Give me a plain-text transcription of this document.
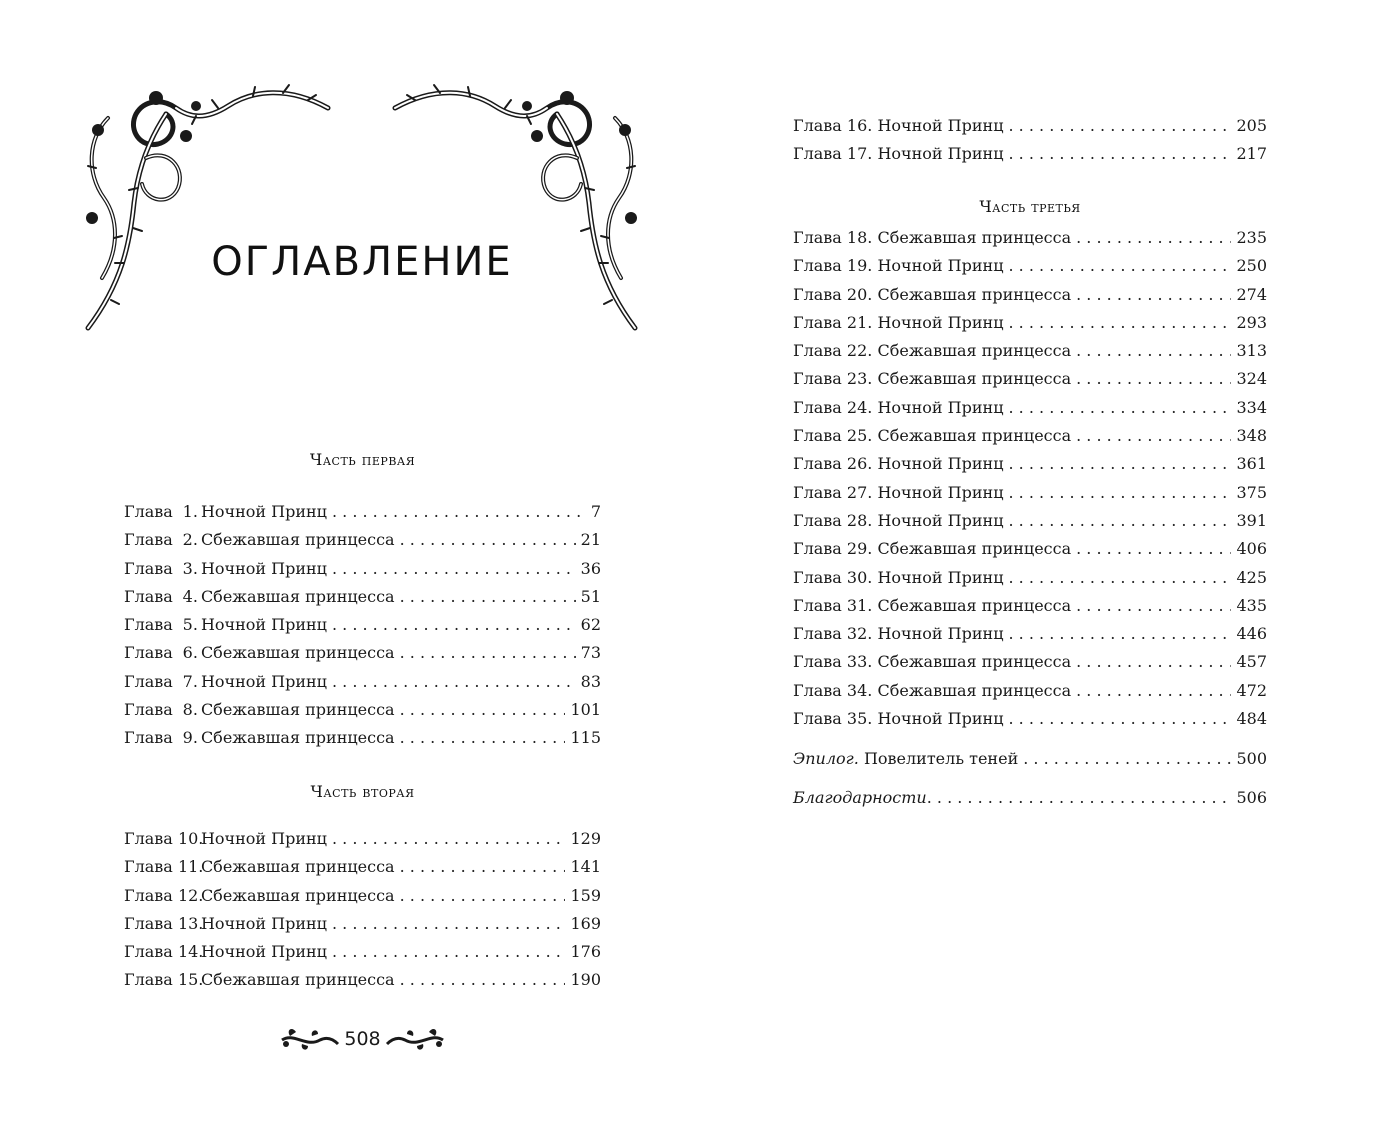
ОГЛАВЛЕНИЕ
Часть первая
Глава 1. Ночной Принц . . .	7
Глава 2. Сбежавшая принцесса . . .	21
Глава 3. Ночной Принц . . .	36
Глава 4. Сбежавшая принцесса . . .	51
Глава 5. Ночной Принц . . .	62
Глава 6. Сбежавшая принцесса . . .	73
Глава 7. Ночной Принц . . .	83
Глава 8. Сбежавшая принцесса . . .	101
Глава 9. Сбежавшая принцесса . . .	115
Часть вторая
Глава 10.Ночной Принц . . .	129
Глава 11.Сбежавшая принцесса . . .	141
Глава 12.Сбежавшая принцесса . . .	159
Глава 13.Ночной Принц . . .	169
Глава 14.Ночной Принц . . .	176
Глава 15.Сбежавшая принцесса . . .	190
508
Глава 16. Ночной Принц . . .	205
Глава 17. Ночной Принц . . .	217
Часть третья
Глава 18. Сбежавшая принцесса . . .	235
Глава 19. Ночной Принц . . .	250
Глава 20. Сбежавшая принцесса . . .	274
Глава 21. Ночной Принц . . .	293
Глава 22. Сбежавшая принцесса . . .	313
Глава 23. Сбежавшая принцесса . . .	324
Глава 24. Ночной Принц . . .	334
Глава 25. Сбежавшая принцесса . . .	348
Глава 26. Ночной Принц . . .	361
Глава 27. Ночной Принц . . .	375
Глава 28. Ночной Принц . . .	391
Глава 29. Сбежавшая принцесса . . .	406
Глава 30. Ночной Принц . . .	425
Глава 31. Сбежавшая принцесса . . .	435
Глава 32. Ночной Принц . . .	446
Глава 33. Сбежавшая принцесса . . .	457
Глава 34. Сбежавшая принцесса . . .	472
Глава 35. Ночной Принц . . .	484
Эпилог. Повелитель теней . . .	500
Благодарности . . .	506
